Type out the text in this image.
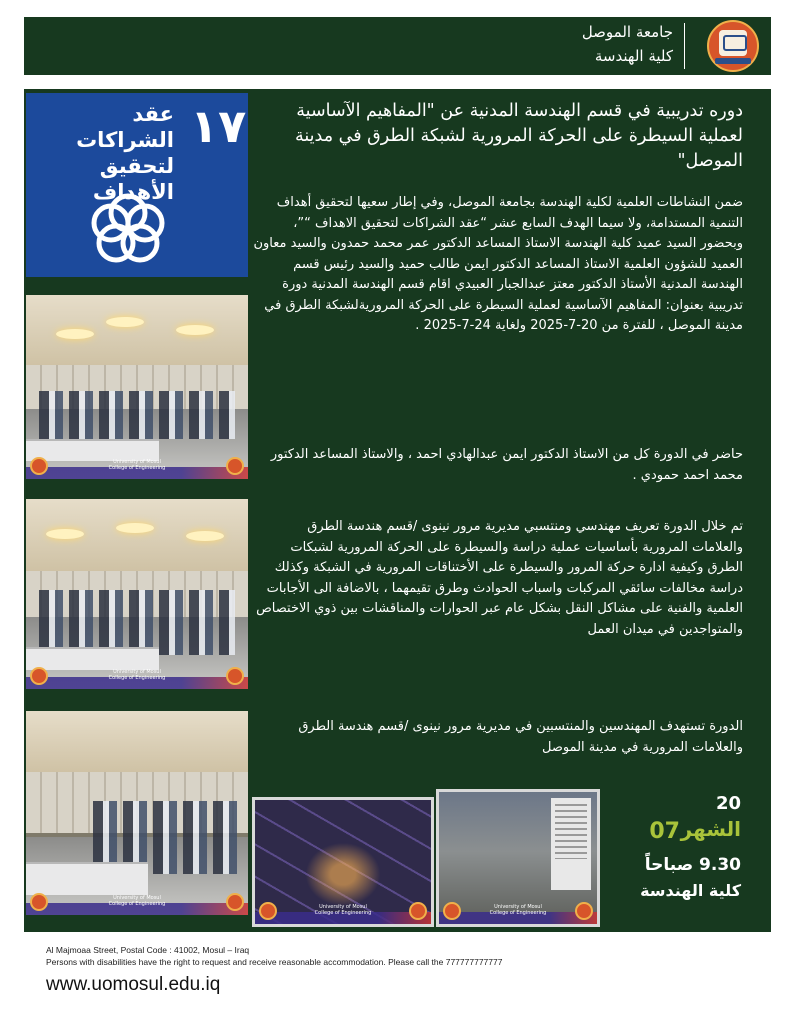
جامعة الموصل
كلية الهندسة
١٧
عقد الشراكات لتحقيق الأهداف
University of Mosul
College of Engineering
University of Mosul
College of Engineering
University of Mosul
College of Engineering	University of Mosul
College of Engineering
University of Mosul
College of Engineering
دوره تدريبية في قسم الهندسة المدنية عن "المفاهيم الآساسية لعملية السيطرة على الحركة المرورية لشبكة الطرق في مدينة الموصل"
ضمن النشاطات العلمية لكلية الهندسة بجامعة الموصل، وفي إطار سعيها لتحقيق أهداف التنمية المستدامة، ولا سيما الهدف السابع عشر “عقد الشراكات لتحقيق الاهداف “”، وبحضور السيد عميد كلية الهندسة الاستاذ المساعد الدكتور عمر محمد حمدون والسيد معاون العميد للشؤون العلمية الاستاذ المساعد الدكتور ايمن طالب حميد والسيد رئيس قسم الهندسة المدنية الأستاذ الدكتور معتز عبدالجبار العبيدي اقام قسم الهندسة المدنية دورة تدريبية بعنوان: المفاهيم الآساسية لعملية السيطرة على الحركة المروريةلشبكة الطرق في مدينة الموصل ، للفترة من 20-7-2025 ولغاية 24-7-2025 .
حاضر في الدورة كل من الاستاذ الدكتور ايمن عبدالهادي احمد ، والاستاذ المساعد الدكتور محمد احمد حمودي .
تم خلال الدورة تعريف مهندسي ومنتسبي مديرية مرور نينوى /قسم هندسة الطرق والعلامات المرورية بأساسيات عملية دراسة والسيطرة على الحركة المرورية لشبكات الطرق وكيفية ادارة حركة المرور والسيطرة على الأختناقات المرورية في الشبكة وكذلك دراسة مخالفات سائقي المركبات واسباب الحوادث وطرق تقيمهما ، بالاضافة الى الأجابات العلمية والفنية على مشاكل النقل بشكل عام عبر الحوارات والمناقشات بين ذوي الاختصاص والمتواجدين في ميدان العمل
الدورة تستهدف المهندسين والمنتسبين في مديرية مرور نينوى /قسم هندسة الطرق والعلامات المرورية في مدينة الموصل
20
07 الشهر
9.30 صباحاً
كلية الهندسة
Al Majmoaa Street, Postal Code : 41002, Mosul – Iraq
Persons with disabilities have the right to request and receive reasonable accommodation. Please call the 777777777777
www.uomosul.edu.iq
